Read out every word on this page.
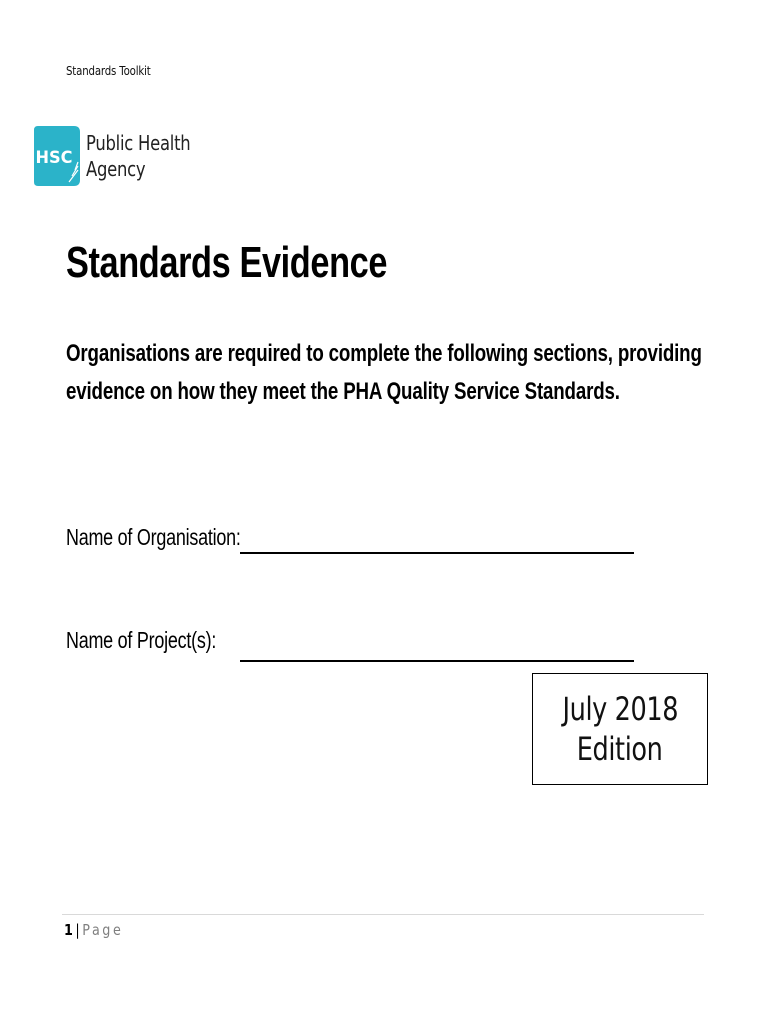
Standards Toolkit
HSC
Public Health
Agency
Standards Evidence
Organisations are required to complete the following sections, providing
evidence on how they meet the PHA Quality Service Standards.
Name of Organisation:
Name of Project(s):
July 2018
Edition
1 | Page
